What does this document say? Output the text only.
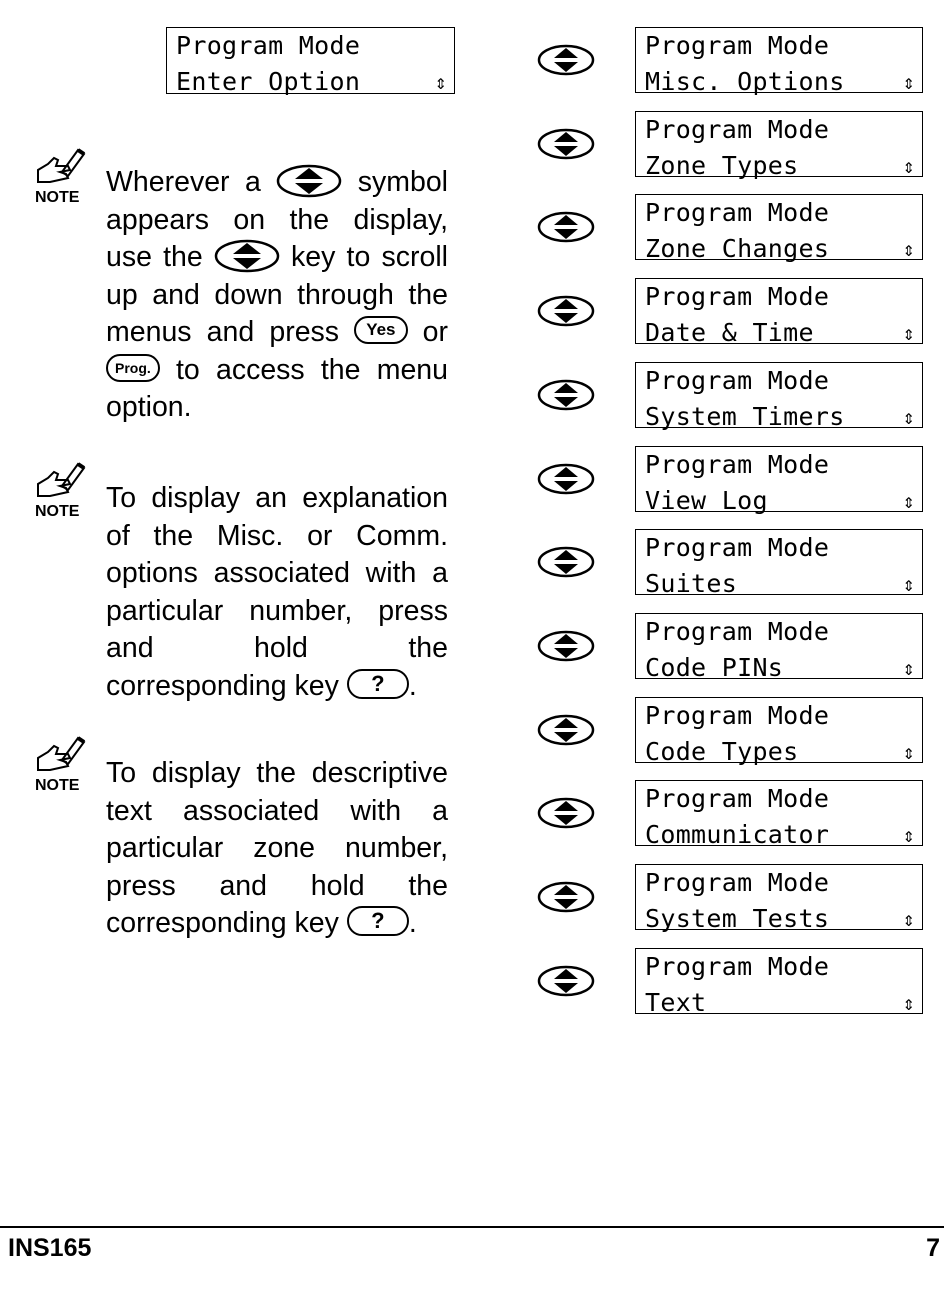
Program Mode
Enter Option	⇕
Program Mode
Misc. Options	⇕
Program Mode
Zone Types	⇕
Program Mode
Zone Changes	⇕
Program Mode
Date & Time	⇕
Program Mode
System Timers	⇕
Program Mode
View Log	⇕
Program Mode
Suites	⇕
Program Mode
Code PINs	⇕
Program Mode
Code Types	⇕
Program Mode
Communicator	⇕
Program Mode
System Tests	⇕
Program Mode
Text	⇕
NOTE Wherever a	symbol appears on the display, use the	key to scroll up and down through the menus and press Yes or Prog. to access the menu option.

NOTE To display an explanation of the Misc. or Comm. options associated with a particular number, press and hold the corresponding key ? .

NOTE To display the descriptive text associated with a particular zone number, press and hold the corresponding key ? .

INS165	7
